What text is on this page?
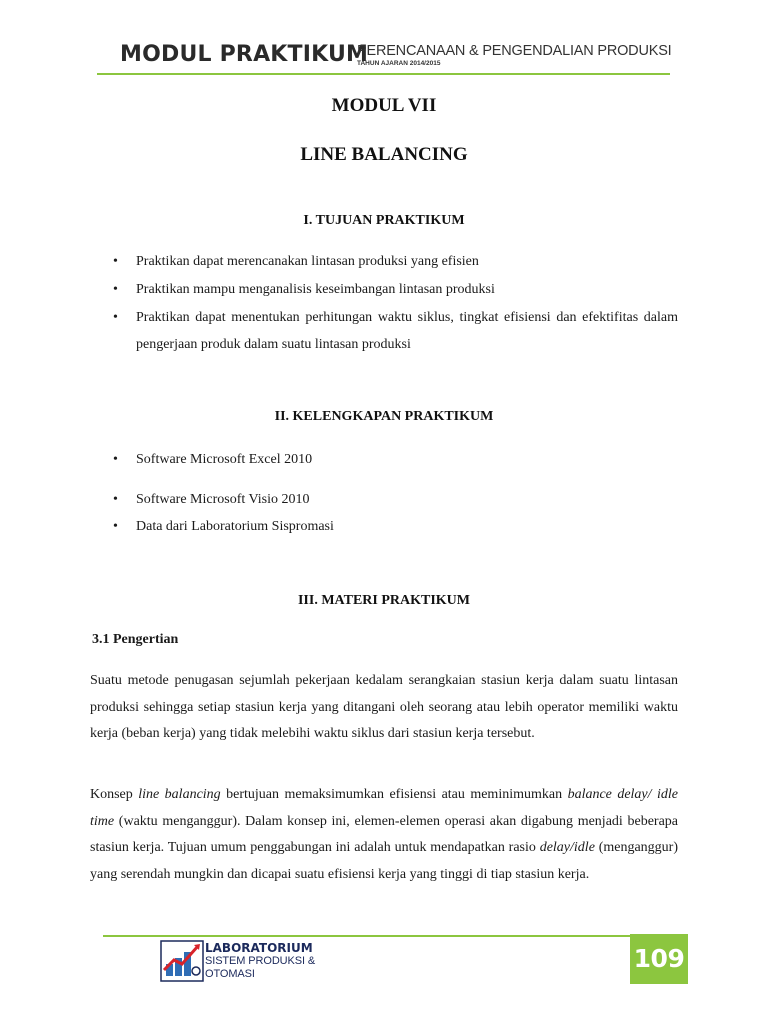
MODUL PRAKTIKUM
PERENCANAAN & PENGENDALIAN PRODUKSI
TAHUN AJARAN 2014/2015
MODUL VII
LINE BALANCING
I. TUJUAN PRAKTIKUM
• Praktikan dapat merencanakan lintasan produksi yang efisien
• Praktikan mampu menganalisis keseimbangan lintasan produksi
• Praktikan dapat menentukan perhitungan waktu siklus, tingkat efisiensi dan efektifitas dalam pengerjaan produk dalam suatu lintasan produksi
II. KELENGKAPAN PRAKTIKUM
• Software Microsoft Excel 2010
• Software Microsoft Visio 2010
• Data dari Laboratorium Sispromasi
III. MATERI PRAKTIKUM
3.1 Pengertian

Suatu metode penugasan sejumlah pekerjaan kedalam serangkaian stasiun kerja dalam suatu lintasan produksi sehingga setiap stasiun kerja yang ditangani oleh seorang atau lebih operator memiliki waktu kerja (beban kerja) yang tidak melebihi waktu siklus dari stasiun kerja tersebut.

Konsep line balancing bertujuan memaksimumkan efisiensi atau meminimumkan balance delay/ idle time (waktu menganggur). Dalam konsep ini, elemen-elemen operasi akan digabung menjadi beberapa stasiun kerja. Tujuan umum penggabungan ini adalah untuk mendapatkan rasio delay/idle (menganggur) yang serendah mungkin dan dicapai suatu efisiensi kerja yang tinggi di tiap stasiun kerja.

LABORATORIUM
SISTEM PRODUKSI &
OTOMASI
109
